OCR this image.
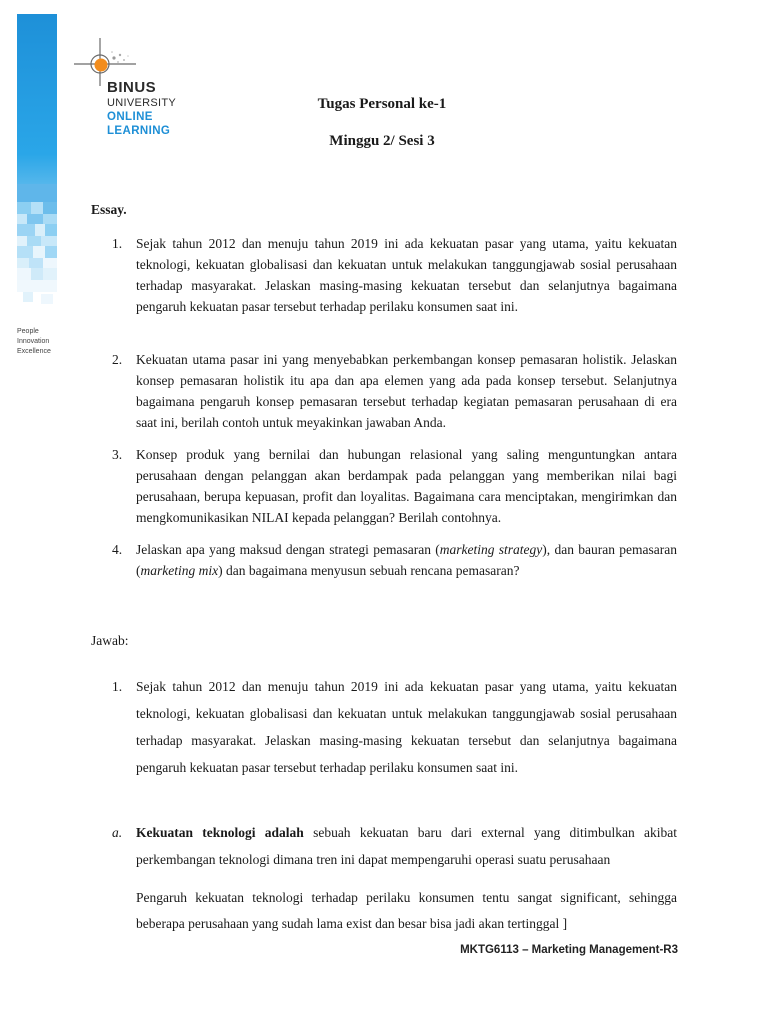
People
Innovation
Excellence
BINUS
UNIVERSITY
ONLINE
LEARNING
Tugas Personal ke-1
Minggu 2/ Sesi 3
Essay.
1. Sejak tahun 2012 dan menuju tahun 2019 ini ada kekuatan pasar yang utama, yaitu kekuatan teknologi, kekuatan globalisasi dan kekuatan untuk melakukan tanggungjawab sosial perusahaan terhadap masyarakat. Jelaskan masing-masing kekuatan tersebut dan selanjutnya bagaimana pengaruh kekuatan pasar tersebut terhadap perilaku konsumen saat ini.
2. Kekuatan utama pasar ini yang menyebabkan perkembangan konsep pemasaran holistik. Jelaskan konsep pemasaran holistik itu apa dan apa elemen yang ada pada konsep tersebut. Selanjutnya bagaimana pengaruh konsep pemasaran tersebut terhadap kegiatan pemasaran perusahaan di era saat ini, berilah contoh untuk meyakinkan jawaban Anda.
3. Konsep produk yang bernilai dan hubungan relasional yang saling menguntungkan antara perusahaan dengan pelanggan akan berdampak pada pelanggan yang memberikan nilai bagi perusahaan, berupa kepuasan, profit dan loyalitas. Bagaimana cara menciptakan, mengirimkan dan mengkomunikasikan NILAI kepada pelanggan? Berilah contohnya.
4. Jelaskan apa yang maksud dengan strategi pemasaran (marketing strategy), dan bauran pemasaran (marketing mix) dan bagaimana menyusun sebuah rencana pemasaran?
Jawab:
1. Sejak tahun 2012 dan menuju tahun 2019 ini ada kekuatan pasar yang utama, yaitu kekuatan teknologi, kekuatan globalisasi dan kekuatan untuk melakukan tanggungjawab sosial perusahaan terhadap masyarakat. Jelaskan masing-masing kekuatan tersebut dan selanjutnya bagaimana pengaruh kekuatan pasar tersebut terhadap perilaku konsumen saat ini.
a.	Kekuatan teknologi adalah sebuah kekuatan baru dari external yang ditimbulkan akibat perkembangan teknologi dimana tren ini dapat mempengaruhi operasi suatu perusahaan
Pengaruh kekuatan teknologi terhadap perilaku konsumen tentu sangat significant, sehingga beberapa perusahaan yang sudah lama exist dan besar bisa jadi akan tertinggal ]
MKTG6113 – Marketing Management-R3
